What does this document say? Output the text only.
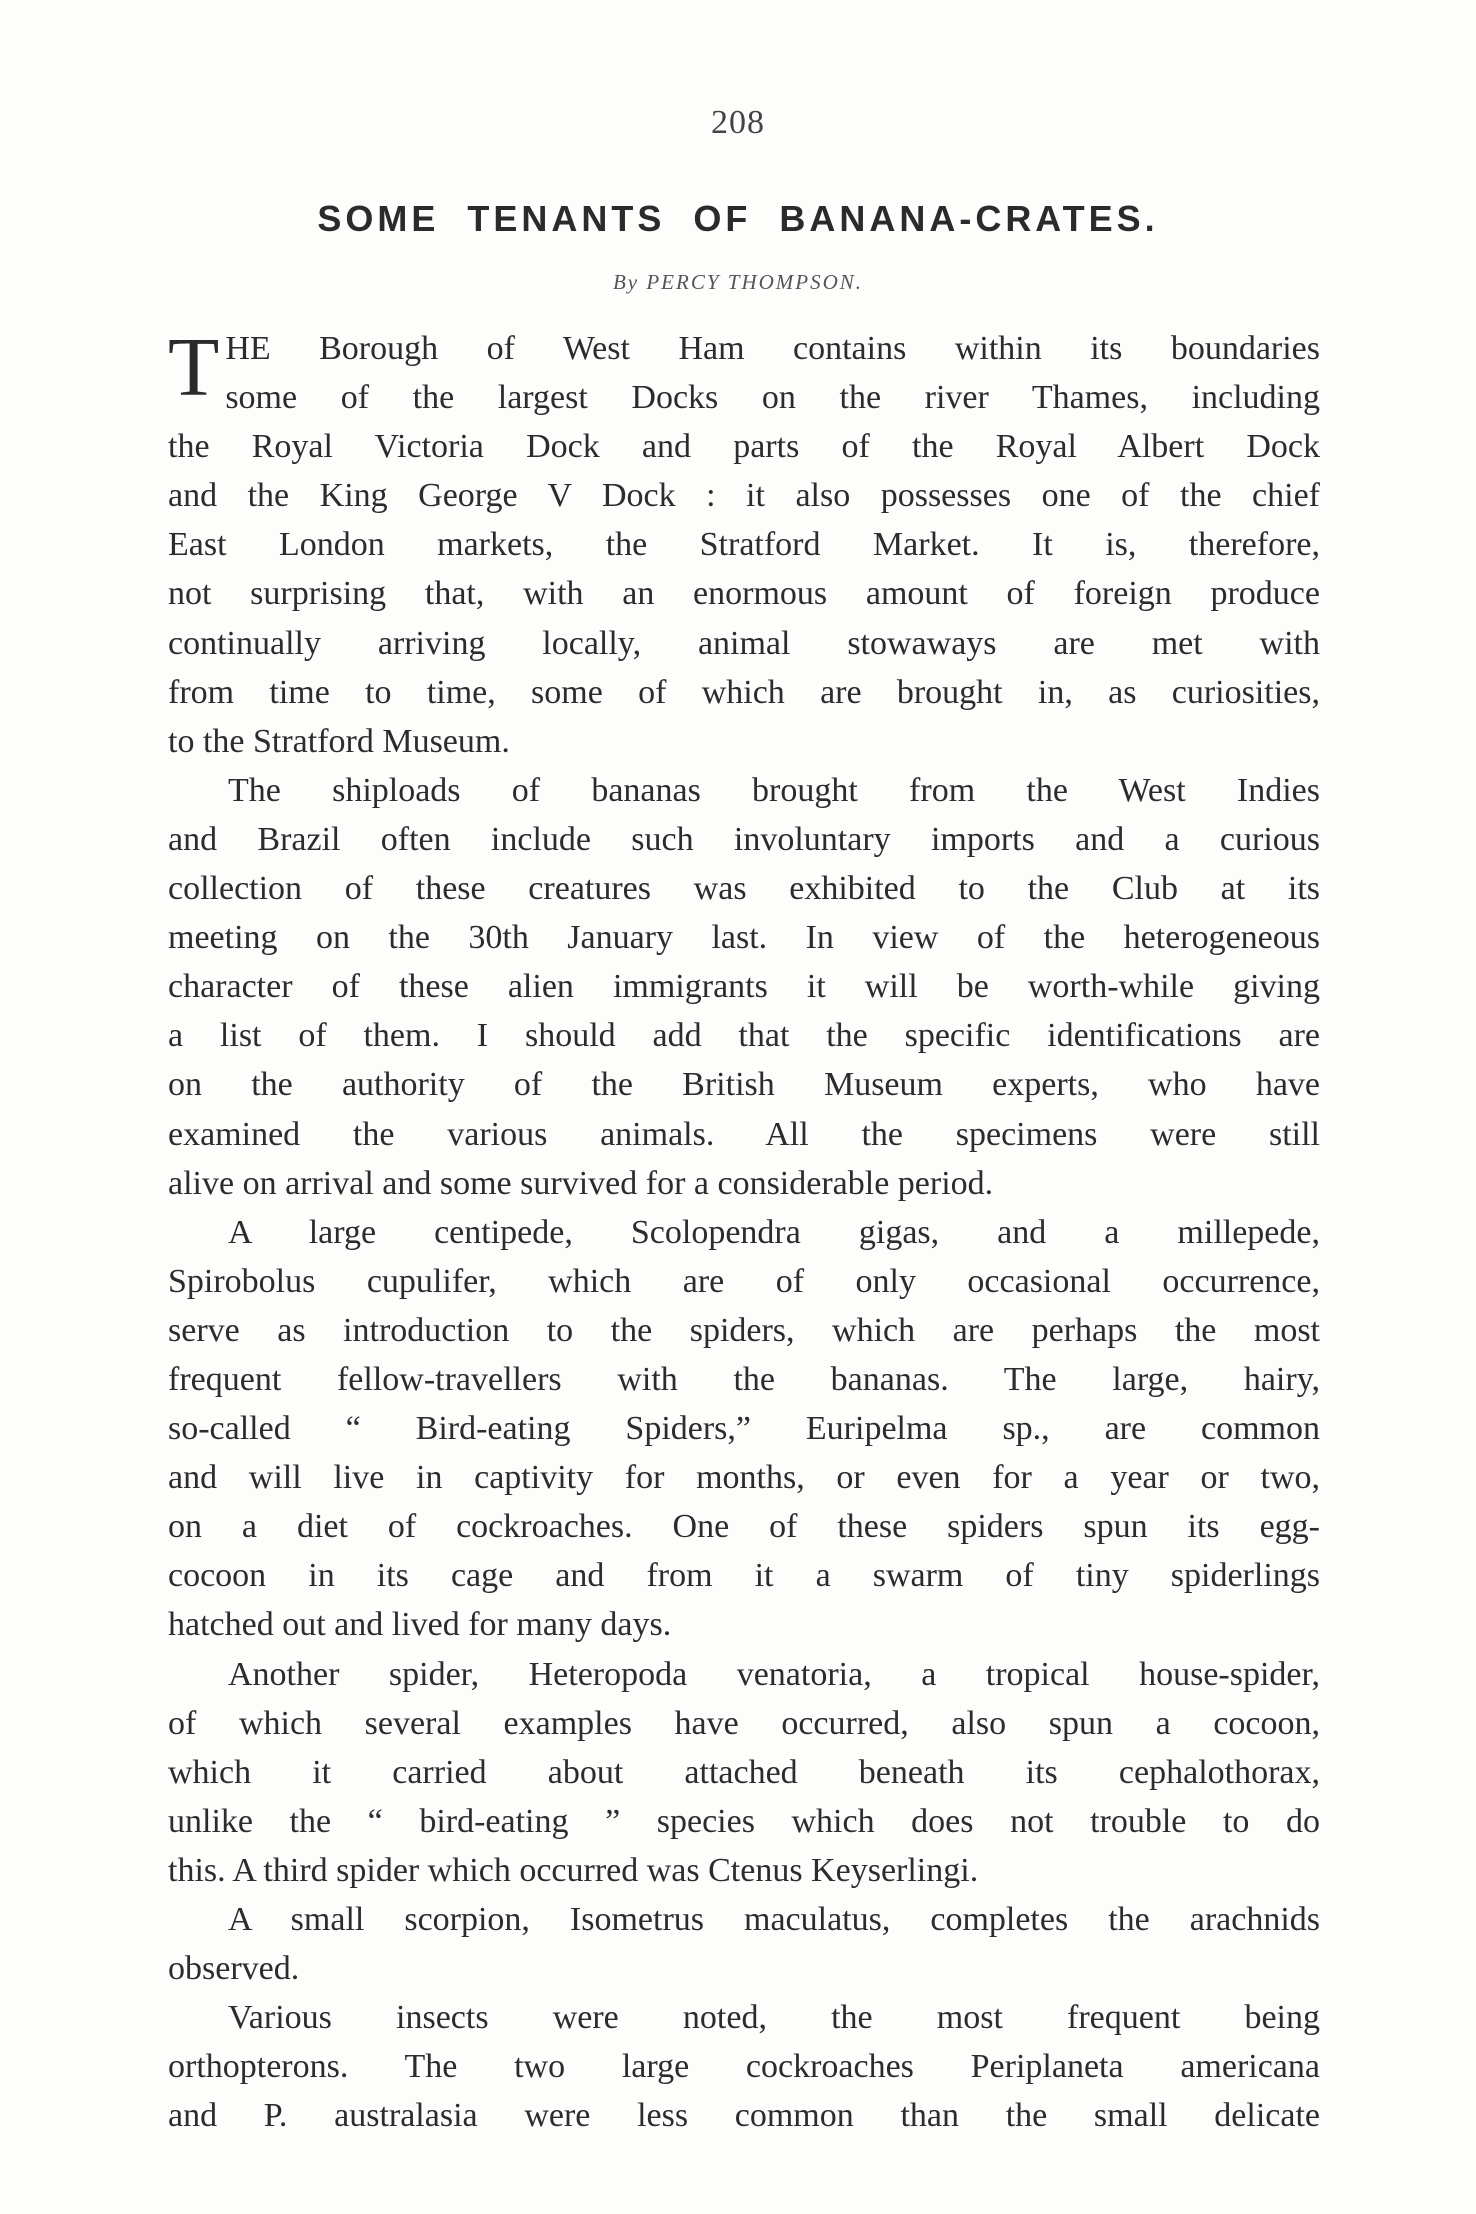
208
SOME TENANTS OF BANANA-CRATES.
By PERCY THOMPSON.
T HE Borough of West Ham contains within its boundaries
some of the largest Docks on the river Thames, including
the Royal Victoria Dock and parts of the Royal Albert Dock
and the King George V Dock : it also possesses one of the chief
East London markets, the Stratford Market. It is, therefore,
not surprising that, with an enormous amount of foreign produce
continually arriving locally, animal stowaways are met with
from time to time, some of which are brought in, as curiosities,
to the Stratford Museum.
The shiploads of bananas brought from the West Indies
and Brazil often include such involuntary imports and a curious
collection of these creatures was exhibited to the Club at its
meeting on the 30th January last. In view of the heterogeneous
character of these alien immigrants it will be worth-while giving
a list of them. I should add that the specific identifications are
on the authority of the British Museum experts, who have
examined the various animals. All the specimens were still
alive on arrival and some survived for a considerable period.
A large centipede, Scolopendra gigas, and a millepede,
Spirobolus cupulifer, which are of only occasional occurrence,
serve as introduction to the spiders, which are perhaps the most
frequent fellow-travellers with the bananas. The large, hairy,
so-called “ Bird-eating Spiders,” Euripelma sp., are common
and will live in captivity for months, or even for a year or two,
on a diet of cockroaches. One of these spiders spun its egg-
cocoon in its cage and from it a swarm of tiny spiderlings
hatched out and lived for many days.
Another spider, Heteropoda venatoria, a tropical house-spider,
of which several examples have occurred, also spun a cocoon,
which it carried about attached beneath its cephalothorax,
unlike the “ bird-eating ” species which does not trouble to do
this. A third spider which occurred was Ctenus Keyserlingi.
A small scorpion, Isometrus maculatus, completes the arachnids
observed.
Various insects were noted, the most frequent being
orthopterons. The two large cockroaches Periplaneta americana
and P. australasia were less common than the small delicate
